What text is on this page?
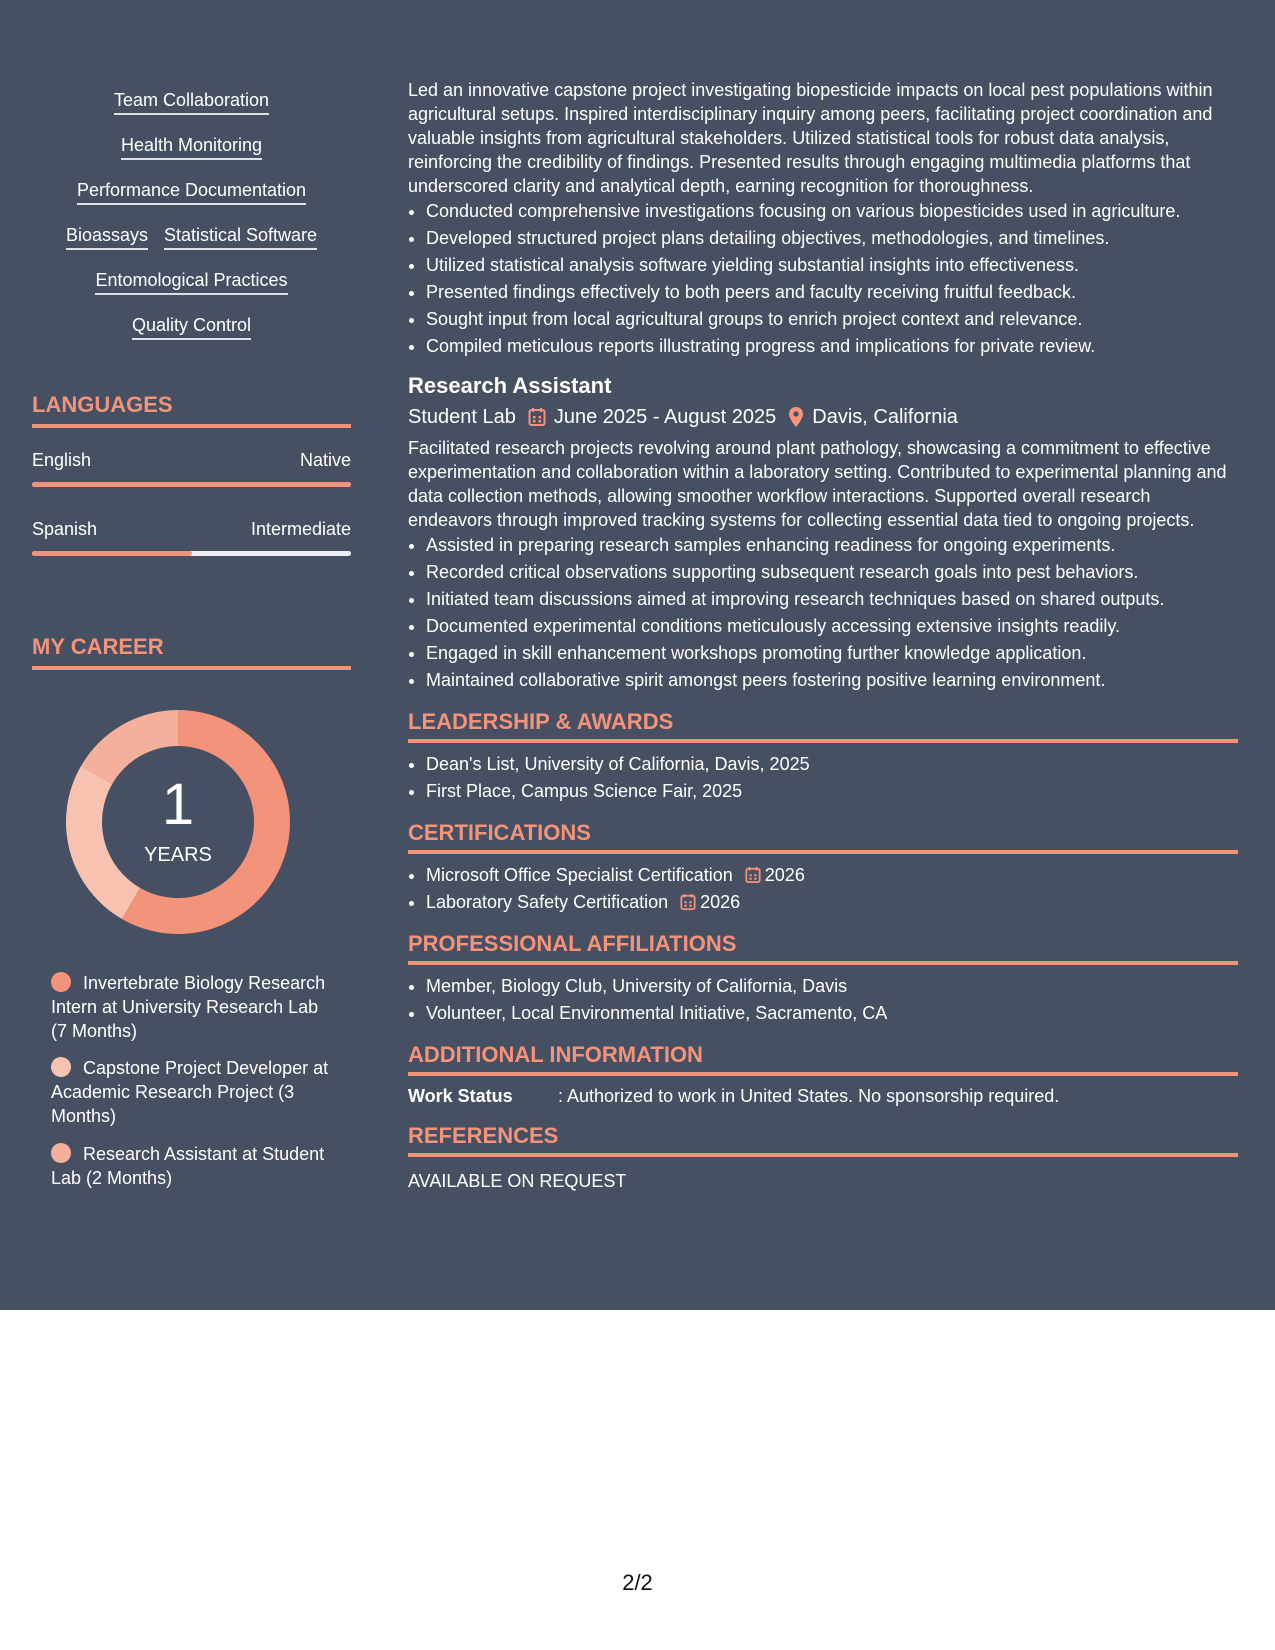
Team Collaboration
Health Monitoring
Performance Documentation
Bioassays Statistical Software
Entomological Practices
Quality Control
LANGUAGES
English	Native
Spanish	Intermediate
MY CAREER
1
YEARS
Invertebrate Biology Research Intern at University Research Lab (7 Months)
Capstone Project Developer at Academic Research Project (3 Months)
Research Assistant at Student Lab (2 Months)

Led an innovative capstone project investigating biopesticide impacts on local pest populations within agricultural setups. Inspired interdisciplinary inquiry among peers, facilitating project coordination and valuable insights from agricultural stakeholders. Utilized statistical tools for robust data analysis, reinforcing the credibility of findings. Presented results through engaging multimedia platforms that underscored clarity and analytical depth, earning recognition for thoroughness.

• Conducted comprehensive investigations focusing on various biopesticides used in agriculture.
• Developed structured project plans detailing objectives, methodologies, and timelines.
• Utilized statistical analysis software yielding substantial insights into effectiveness.
• Presented findings effectively to both peers and faculty receiving fruitful feedback.
• Sought input from local agricultural groups to enrich project context and relevance.
• Compiled meticulous reports illustrating progress and implications for private review.
Research Assistant
Student Lab June 2025 - August 2025 Davis, California

Facilitated research projects revolving around plant pathology, showcasing a commitment to effective experimentation and collaboration within a laboratory setting. Contributed to experimental planning and data collection methods, allowing smoother workflow interactions. Supported overall research endeavors through improved tracking systems for collecting essential data tied to ongoing projects.

• Assisted in preparing research samples enhancing readiness for ongoing experiments.
• Recorded critical observations supporting subsequent research goals into pest behaviors.
• Initiated team discussions aimed at improving research techniques based on shared outputs.
• Documented experimental conditions meticulously accessing extensive insights readily.
• Engaged in skill enhancement workshops promoting further knowledge application.
• Maintained collaborative spirit amongst peers fostering positive learning environment.
LEADERSHIP & AWARDS
• Dean's List, University of California, Davis, 2025
• First Place, Campus Science Fair, 2025
CERTIFICATIONS
• Microsoft Office Specialist Certification 2026
• Laboratory Safety Certification 2026
PROFESSIONAL AFFILIATIONS
• Member, Biology Club, University of California, Davis
• Volunteer, Local Environmental Initiative, Sacramento, CA
ADDITIONAL INFORMATION
Work Status	: Authorized to work in United States. No sponsorship required.
REFERENCES
AVAILABLE ON REQUEST
2/2
